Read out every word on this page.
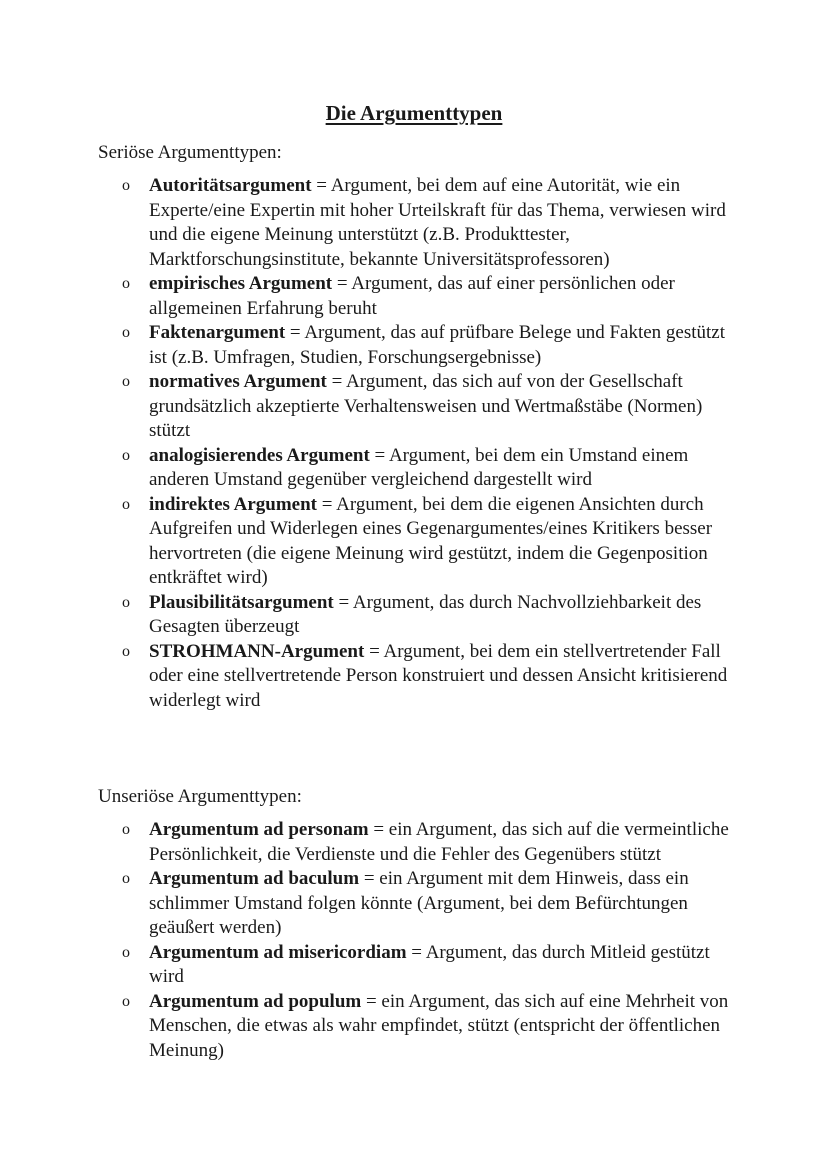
Die Argumenttypen
Seriöse Argumenttypen:
o Autoritätsargument = Argument, bei dem auf eine Autorität, wie ein Experte/eine Expertin mit hoher Urteilskraft für das Thema, verwiesen wird und die eigene Meinung unterstützt (z.B. Produkttester, Marktforschungsinstitute, bekannte Universitätsprofessoren)
o empirisches Argument = Argument, das auf einer persönlichen oder allgemeinen Erfahrung beruht
o Faktenargument = Argument, das auf prüfbare Belege und Fakten gestützt ist (z.B. Umfragen, Studien, Forschungsergebnisse)
o normatives Argument = Argument, das sich auf von der Gesellschaft grundsätzlich akzeptierte Verhaltensweisen und Wertmaßstäbe (Normen) stützt
o analogisierendes Argument = Argument, bei dem ein Umstand einem anderen Umstand gegenüber vergleichend dargestellt wird
o indirektes Argument = Argument, bei dem die eigenen Ansichten durch Aufgreifen und Widerlegen eines Gegenargumentes/eines Kritikers besser hervortreten (die eigene Meinung wird gestützt, indem die Gegenposition entkräftet wird)
o Plausibilitätsargument = Argument, das durch Nachvollziehbarkeit des Gesagten überzeugt
o STROHMANN-Argument = Argument, bei dem ein stellvertretender Fall oder eine stellvertretende Person konstruiert und dessen Ansicht kritisierend widerlegt wird
Unseriöse Argumenttypen:
o Argumentum ad personam = ein Argument, das sich auf die vermeintliche Persönlichkeit, die Verdienste und die Fehler des Gegenübers stützt
o Argumentum ad baculum = ein Argument mit dem Hinweis, dass ein schlimmer Umstand folgen könnte (Argument, bei dem Befürchtungen geäußert werden)
o Argumentum ad misericordiam = Argument, das durch Mitleid gestützt wird
o Argumentum ad populum = ein Argument, das sich auf eine Mehrheit von Menschen, die etwas als wahr empfindet, stützt (entspricht der öffentlichen Meinung)
